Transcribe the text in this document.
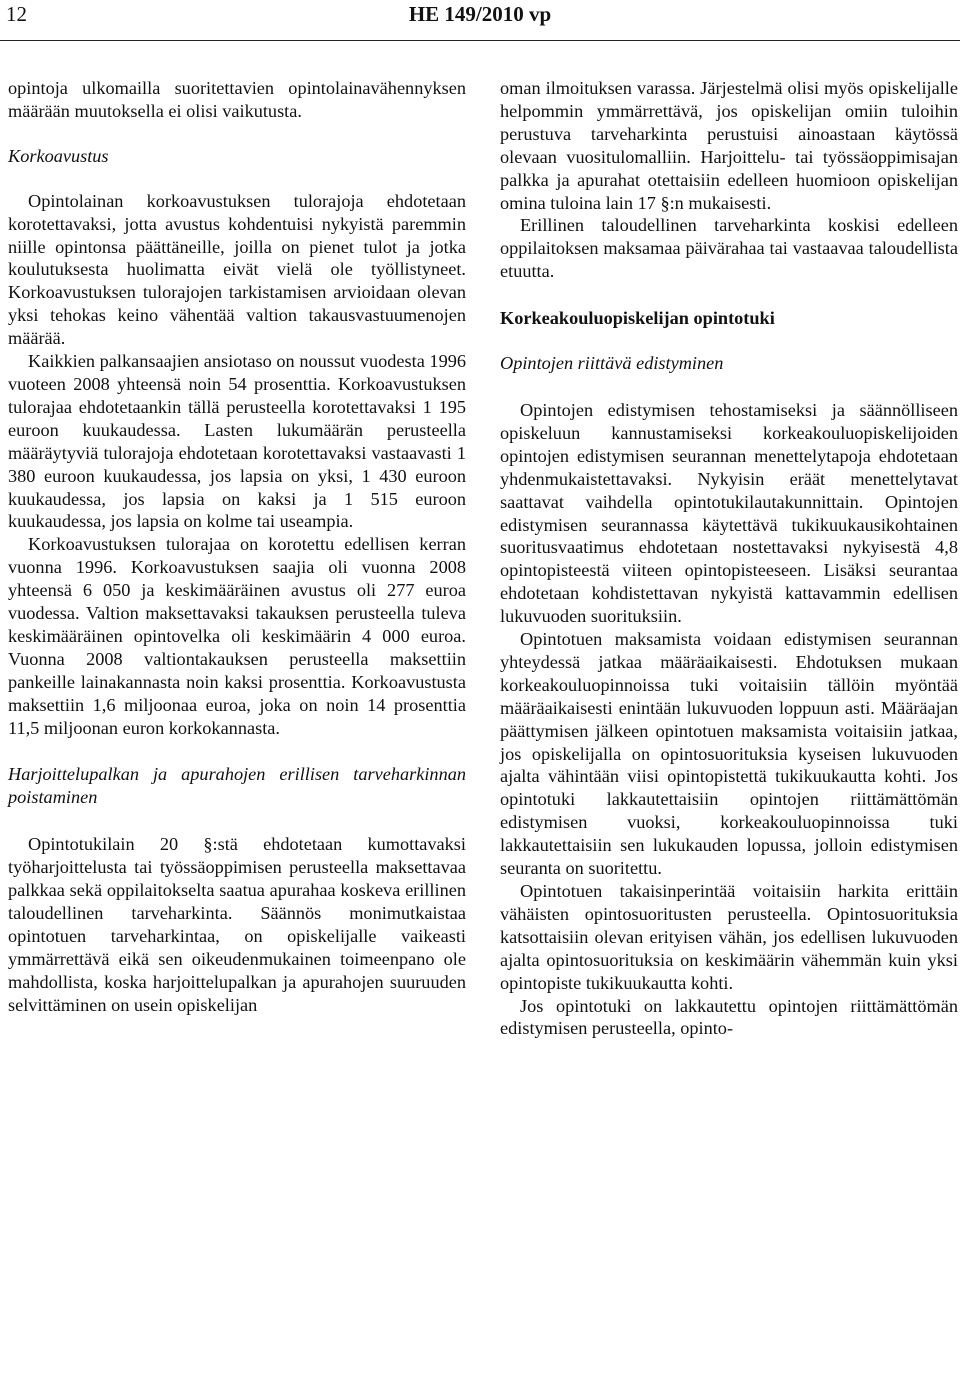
12	HE 149/2010 vp

opintoja ulkomailla suoritettavien opintolainavähennyksen määrään muutoksella ei olisi vaikutusta.

Korkoavustus

Opintolainan korkoavustuksen tulorajoja ehdotetaan korotettavaksi, jotta avustus kohdentuisi nykyistä paremmin niille opintonsa päättäneille, joilla on pienet tulot ja jotka koulutuksesta huolimatta eivät vielä ole työllistyneet. Korkoavustuksen tulorajojen tarkistamisen arvioidaan olevan yksi tehokas keino vähentää valtion takausvastuumenojen määrää.

Kaikkien palkansaajien ansiotaso on noussut vuodesta 1996 vuoteen 2008 yhteensä noin 54 prosenttia. Korkoavustuksen tulorajaa ehdotetaankin tällä perusteella korotettavaksi 1 195 euroon kuukaudessa. Lasten lukumäärän perusteella määräytyviä tulorajoja ehdotetaan korotettavaksi vastaavasti 1 380 euroon kuukaudessa, jos lapsia on yksi, 1 430 euroon kuukaudessa, jos lapsia on kaksi ja 1 515 euroon kuukaudessa, jos lapsia on kolme tai useampia.

Korkoavustuksen tulorajaa on korotettu edellisen kerran vuonna 1996. Korkoavustuksen saajia oli vuonna 2008 yhteensä 6 050 ja keskimääräinen avustus oli 277 euroa vuodessa. Valtion maksettavaksi takauksen perusteella tuleva keskimääräinen opintovelka oli keskimäärin 4 000 euroa. Vuonna 2008 valtiontakauksen perusteella maksettiin pankeille lainakannasta noin kaksi prosenttia. Korkoavustusta maksettiin 1,6 miljoonaa euroa, joka on noin 14 prosenttia 11,5 miljoonan euron korkokannasta.

Harjoittelupalkan ja apurahojen erillisen tarveharkinnan poistaminen

Opintotukilain 20 §:stä ehdotetaan kumottavaksi työharjoittelusta tai työssäoppimisen perusteella maksettavaa palkkaa sekä oppilaitokselta saatua apurahaa koskeva erillinen taloudellinen tarveharkinta. Säännös monimutkaistaa opintotuen tarveharkintaa, on opiskelijalle vaikeasti ymmärrettävä eikä sen oikeudenmukainen toimeenpano ole mahdollista, koska harjoittelupalkan ja apurahojen suuruuden selvittäminen on usein opiskelijan

oman ilmoituksen varassa. Järjestelmä olisi myös opiskelijalle helpommin ymmärrettävä, jos opiskelijan omiin tuloihin perustuva tarveharkinta perustuisi ainoastaan käytössä olevaan vuositulomalliin. Harjoittelu- tai työssäoppimisajan palkka ja apurahat otettaisiin edelleen huomioon opiskelijan omina tuloina lain 17 §:n mukaisesti.

Erillinen taloudellinen tarveharkinta koskisi edelleen oppilaitoksen maksamaa päivärahaa tai vastaavaa taloudellista etuutta.

Korkeakouluopiskelijan opintotuki

Opintojen riittävä edistyminen

Opintojen edistymisen tehostamiseksi ja säännölliseen opiskeluun kannustamiseksi korkeakouluopiskelijoiden opintojen edistymisen seurannan menettelytapoja ehdotetaan yhdenmukaistettavaksi. Nykyisin eräät menettelytavat saattavat vaihdella opintotukilautakunnittain. Opintojen edistymisen seurannassa käytettävä tukikuukausikohtainen suoritusvaatimus ehdotetaan nostettavaksi nykyisestä 4,8 opintopisteestä viiteen opintopisteeseen. Lisäksi seurantaa ehdotetaan kohdistettavan nykyistä kattavammin edellisen lukuvuoden suorituksiin.

Opintotuen maksamista voidaan edistymisen seurannan yhteydessä jatkaa määräaikaisesti. Ehdotuksen mukaan korkeakouluopinnoissa tuki voitaisiin tällöin myöntää määräaikaisesti enintään lukuvuoden loppuun asti. Määräajan päättymisen jälkeen opintotuen maksamista voitaisiin jatkaa, jos opiskelijalla on opintosuorituksia kyseisen lukuvuoden ajalta vähintään viisi opintopistettä tukikuukautta kohti. Jos opintotuki lakkautettaisiin opintojen riittämättömän edistymisen vuoksi, korkeakouluopinnoissa tuki lakkautettaisiin sen lukukauden lopussa, jolloin edistymisen seuranta on suoritettu.

Opintotuen takaisinperintää voitaisiin harkita erittäin vähäisten opintosuoritusten perusteella. Opintosuorituksia katsottaisiin olevan erityisen vähän, jos edellisen lukuvuoden ajalta opintosuorituksia on keskimäärin vähemmän kuin yksi opintopiste tukikuukautta kohti.

Jos opintotuki on lakkautettu opintojen riittämättömän edistymisen perusteella, opinto-
